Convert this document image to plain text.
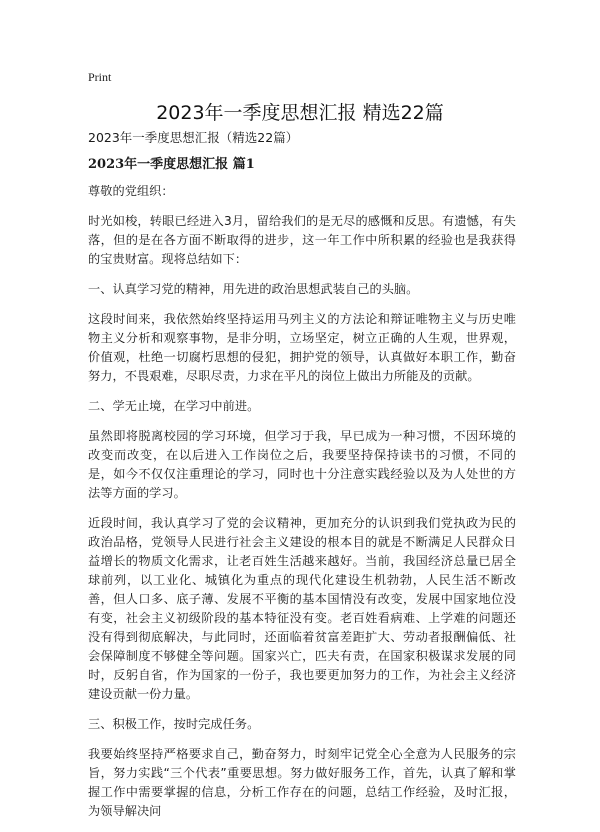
Print
2023年一季度思想汇报 精选22篇

2023年一季度思想汇报（精选22篇）

2023年一季度思想汇报 篇1

尊敬的党组织：

时光如梭，转眼已经进入3月，留给我们的是无尽的感慨和反思。有遗憾，有失落，但的是在各方面不断取得的进步，这一年工作中所积累的经验也是我获得的宝贵财富。现将总结如下：

一、认真学习党的精神，用先进的政治思想武装自己的头脑。

这段时间来，我依然始终坚持运用马列主义的方法论和辩证唯物主义与历史唯物主义分析和观察事物，是非分明，立场坚定，树立正确的人生观，世界观，价值观，杜绝一切腐朽思想的侵犯，拥护党的领导，认真做好本职工作，勤奋努力，不畏艰难，尽职尽责，力求在平凡的岗位上做出力所能及的贡献。

二、学无止境，在学习中前进。

虽然即将脱离校园的学习环境，但学习于我，早已成为一种习惯，不因环境的改变而改变，在以后进入工作岗位之后，我要坚持保持读书的习惯，不同的是，如今不仅仅注重理论的学习，同时也十分注意实践经验以及为人处世的方法等方面的学习。

近段时间，我认真学习了党的会议精神，更加充分的认识到我们党执政为民的政治品格，党领导人民进行社会主义建设的根本目的就是不断满足人民群众日益增长的物质文化需求，让老百姓生活越来越好。当前，我国经济总量已居全球前列，以工业化、城镇化为重点的现代化建设生机勃勃，人民生活不断改善，但人口多、底子薄、发展不平衡的基本国情没有改变，发展中国家地位没有变，社会主义初级阶段的基本特征没有变。老百姓看病难、上学难的问题还没有得到彻底解决，与此同时，还面临着贫富差距扩大、劳动者报酬偏低、社会保障制度不够健全等问题。国家兴亡，匹夫有责，在国家积极谋求发展的同时，反躬自省，作为国家的一份子，我也要更加努力的工作，为社会主义经济建设贡献一份力量。

三、积极工作，按时完成任务。

我要始终坚持严格要求自己，勤奋努力，时刻牢记党全心全意为人民服务的宗旨，努力实践“三个代表”重要思想。努力做好服务工作，首先，认真了解和掌握工作中需要掌握的信息，分析工作存在的问题，总结工作经验，及时汇报，为领导解决问
